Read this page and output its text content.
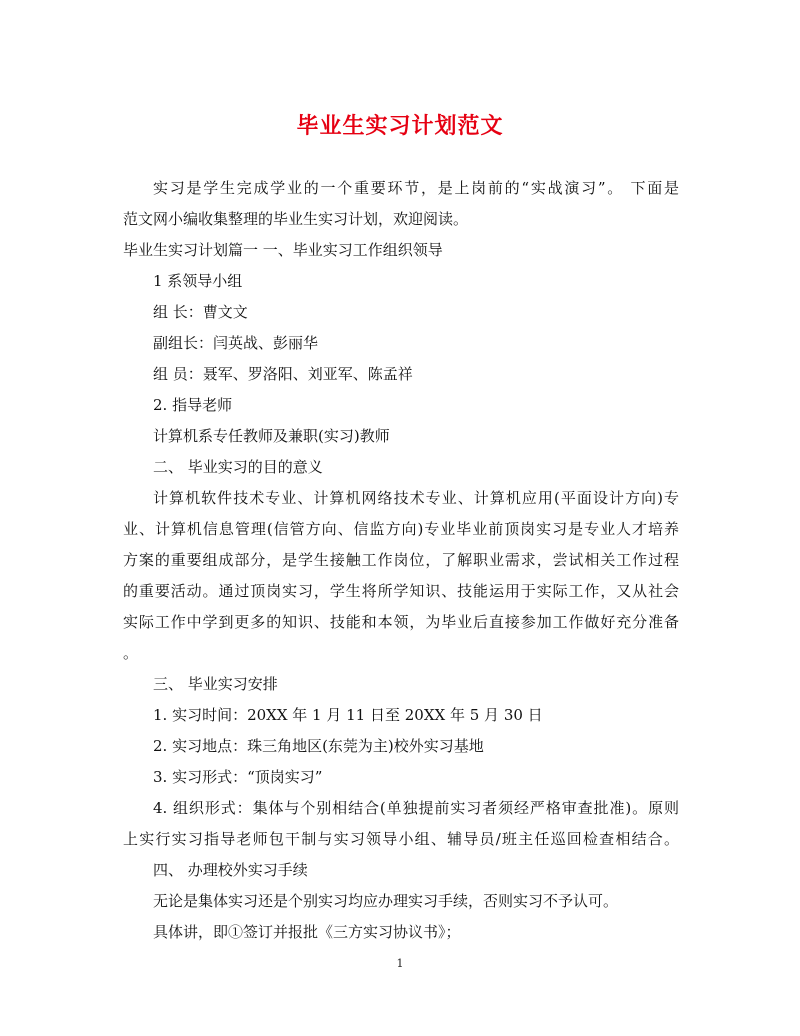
毕业生实习计划范文
实习是学生完成学业的一个重要环节，是上岗前的“实战演习”。 下面是
范文网小编收集整理的毕业生实习计划，欢迎阅读。
毕业生实习计划篇一 一、毕业实习工作组织领导
1 系领导小组
组 长：曹文文
副组长：闫英战、彭丽华
组 员：聂军、罗洛阳、刘亚军、陈孟祥
2. 指导老师
计算机系专任教师及兼职(实习)教师
二、 毕业实习的目的意义
计算机软件技术专业、计算机网络技术专业、计算机应用(平面设计方向)专
业、计算机信息管理(信管方向、信监方向)专业毕业前顶岗实习是专业人才培养
方案的重要组成部分，是学生接触工作岗位，了解职业需求，尝试相关工作过程
的重要活动。通过顶岗实习，学生将所学知识、技能运用于实际工作，又从社会
实际工作中学到更多的知识、技能和本领，为毕业后直接参加工作做好充分准备
。
三、 毕业实习安排
1. 实习时间：20XX 年 1 月 11 日至 20XX 年 5 月 30 日
2. 实习地点：珠三角地区(东莞为主)校外实习基地
3. 实习形式：“顶岗实习”
4. 组织形式：集体与个别相结合(单独提前实习者须经严格审查批准)。原则
上实行实习指导老师包干制与实习领导小组、辅导员/班主任巡回检查相结合。
四、 办理校外实习手续
无论是集体实习还是个别实习均应办理实习手续，否则实习不予认可。
具体讲，即①签订并报批《三方实习协议书》；
1
